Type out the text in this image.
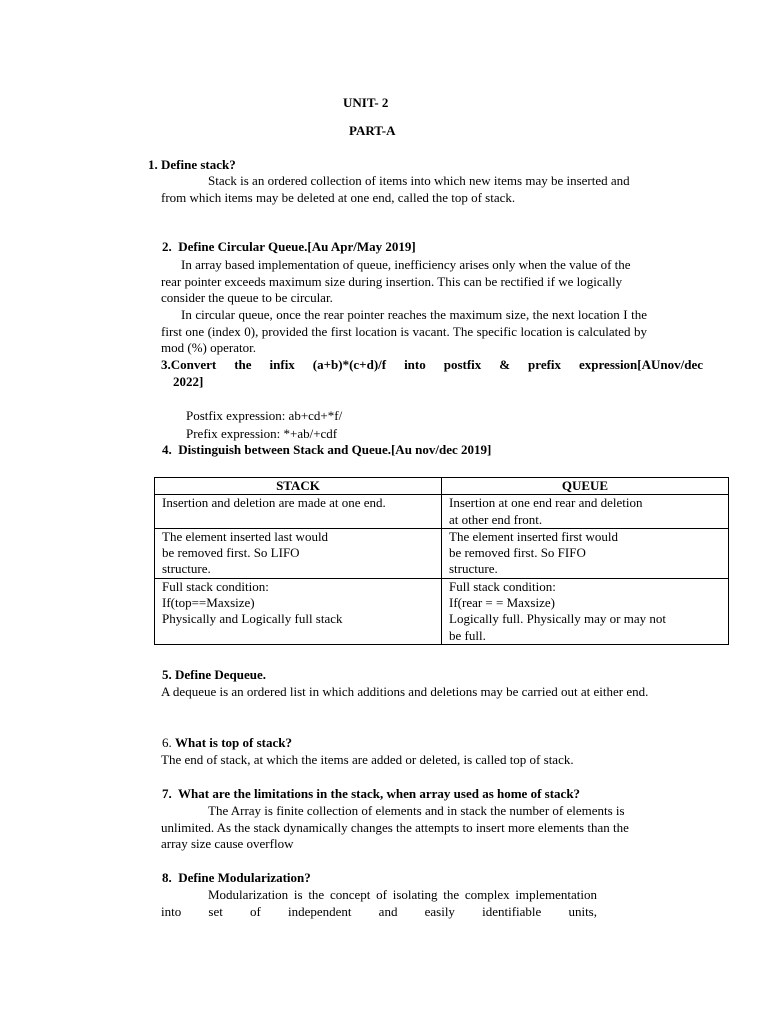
UNIT- 2
PART-A
1. Define stack?

Stack is an ordered collection of items into which new items may be inserted and from which items may be deleted at one end, called the top of stack.

2. Define Circular Queue.[Au Apr/May 2019]

In array based implementation of queue, inefficiency arises only when the value of the rear pointer exceeds maximum size during insertion. This can be rectified if we logically consider the queue to be circular.

In circular queue, once the rear pointer reaches the maximum size, the next location I the first one (index 0), provided the first location is vacant. The specific location is calculated by mod (%) operator.

3.Convert the infix (a+b)*(c+d)/f into postfix & prefix expression[AUnov/dec
2022]
Postfix expression: ab+cd+*f/
Prefix expression: *+ab/+cdf
4. Distinguish between Stack and Queue.[Au nov/dec 2019]
STACK	QUEUE

Insertion and deletion are made at one end.	Insertion at one end rear and deletion
at other end front.

The element inserted last would
be removed first. So LIFO
structure.	The element inserted first would
be removed first. So FIFO
structure.

Full stack condition:
If(top==Maxsize)
Physically and Logically full stack	Full stack condition:
If(rear = = Maxsize)
Logically full. Physically may or may not
be full.
5. Define Dequeue.

A dequeue is an ordered list in which additions and deletions may be carried out at either end.

6. What is top of stack?

The end of stack, at which the items are added or deleted, is called top of stack.

7. What are the limitations in the stack, when array used as home of stack?

The Array is finite collection of elements and in stack the number of elements is unlimited. As the stack dynamically changes the attempts to insert more elements than the array size cause overflow

8. Define Modularization?

Modularization is the concept of isolating the complex implementation into set of independent and easily identifiable units,
